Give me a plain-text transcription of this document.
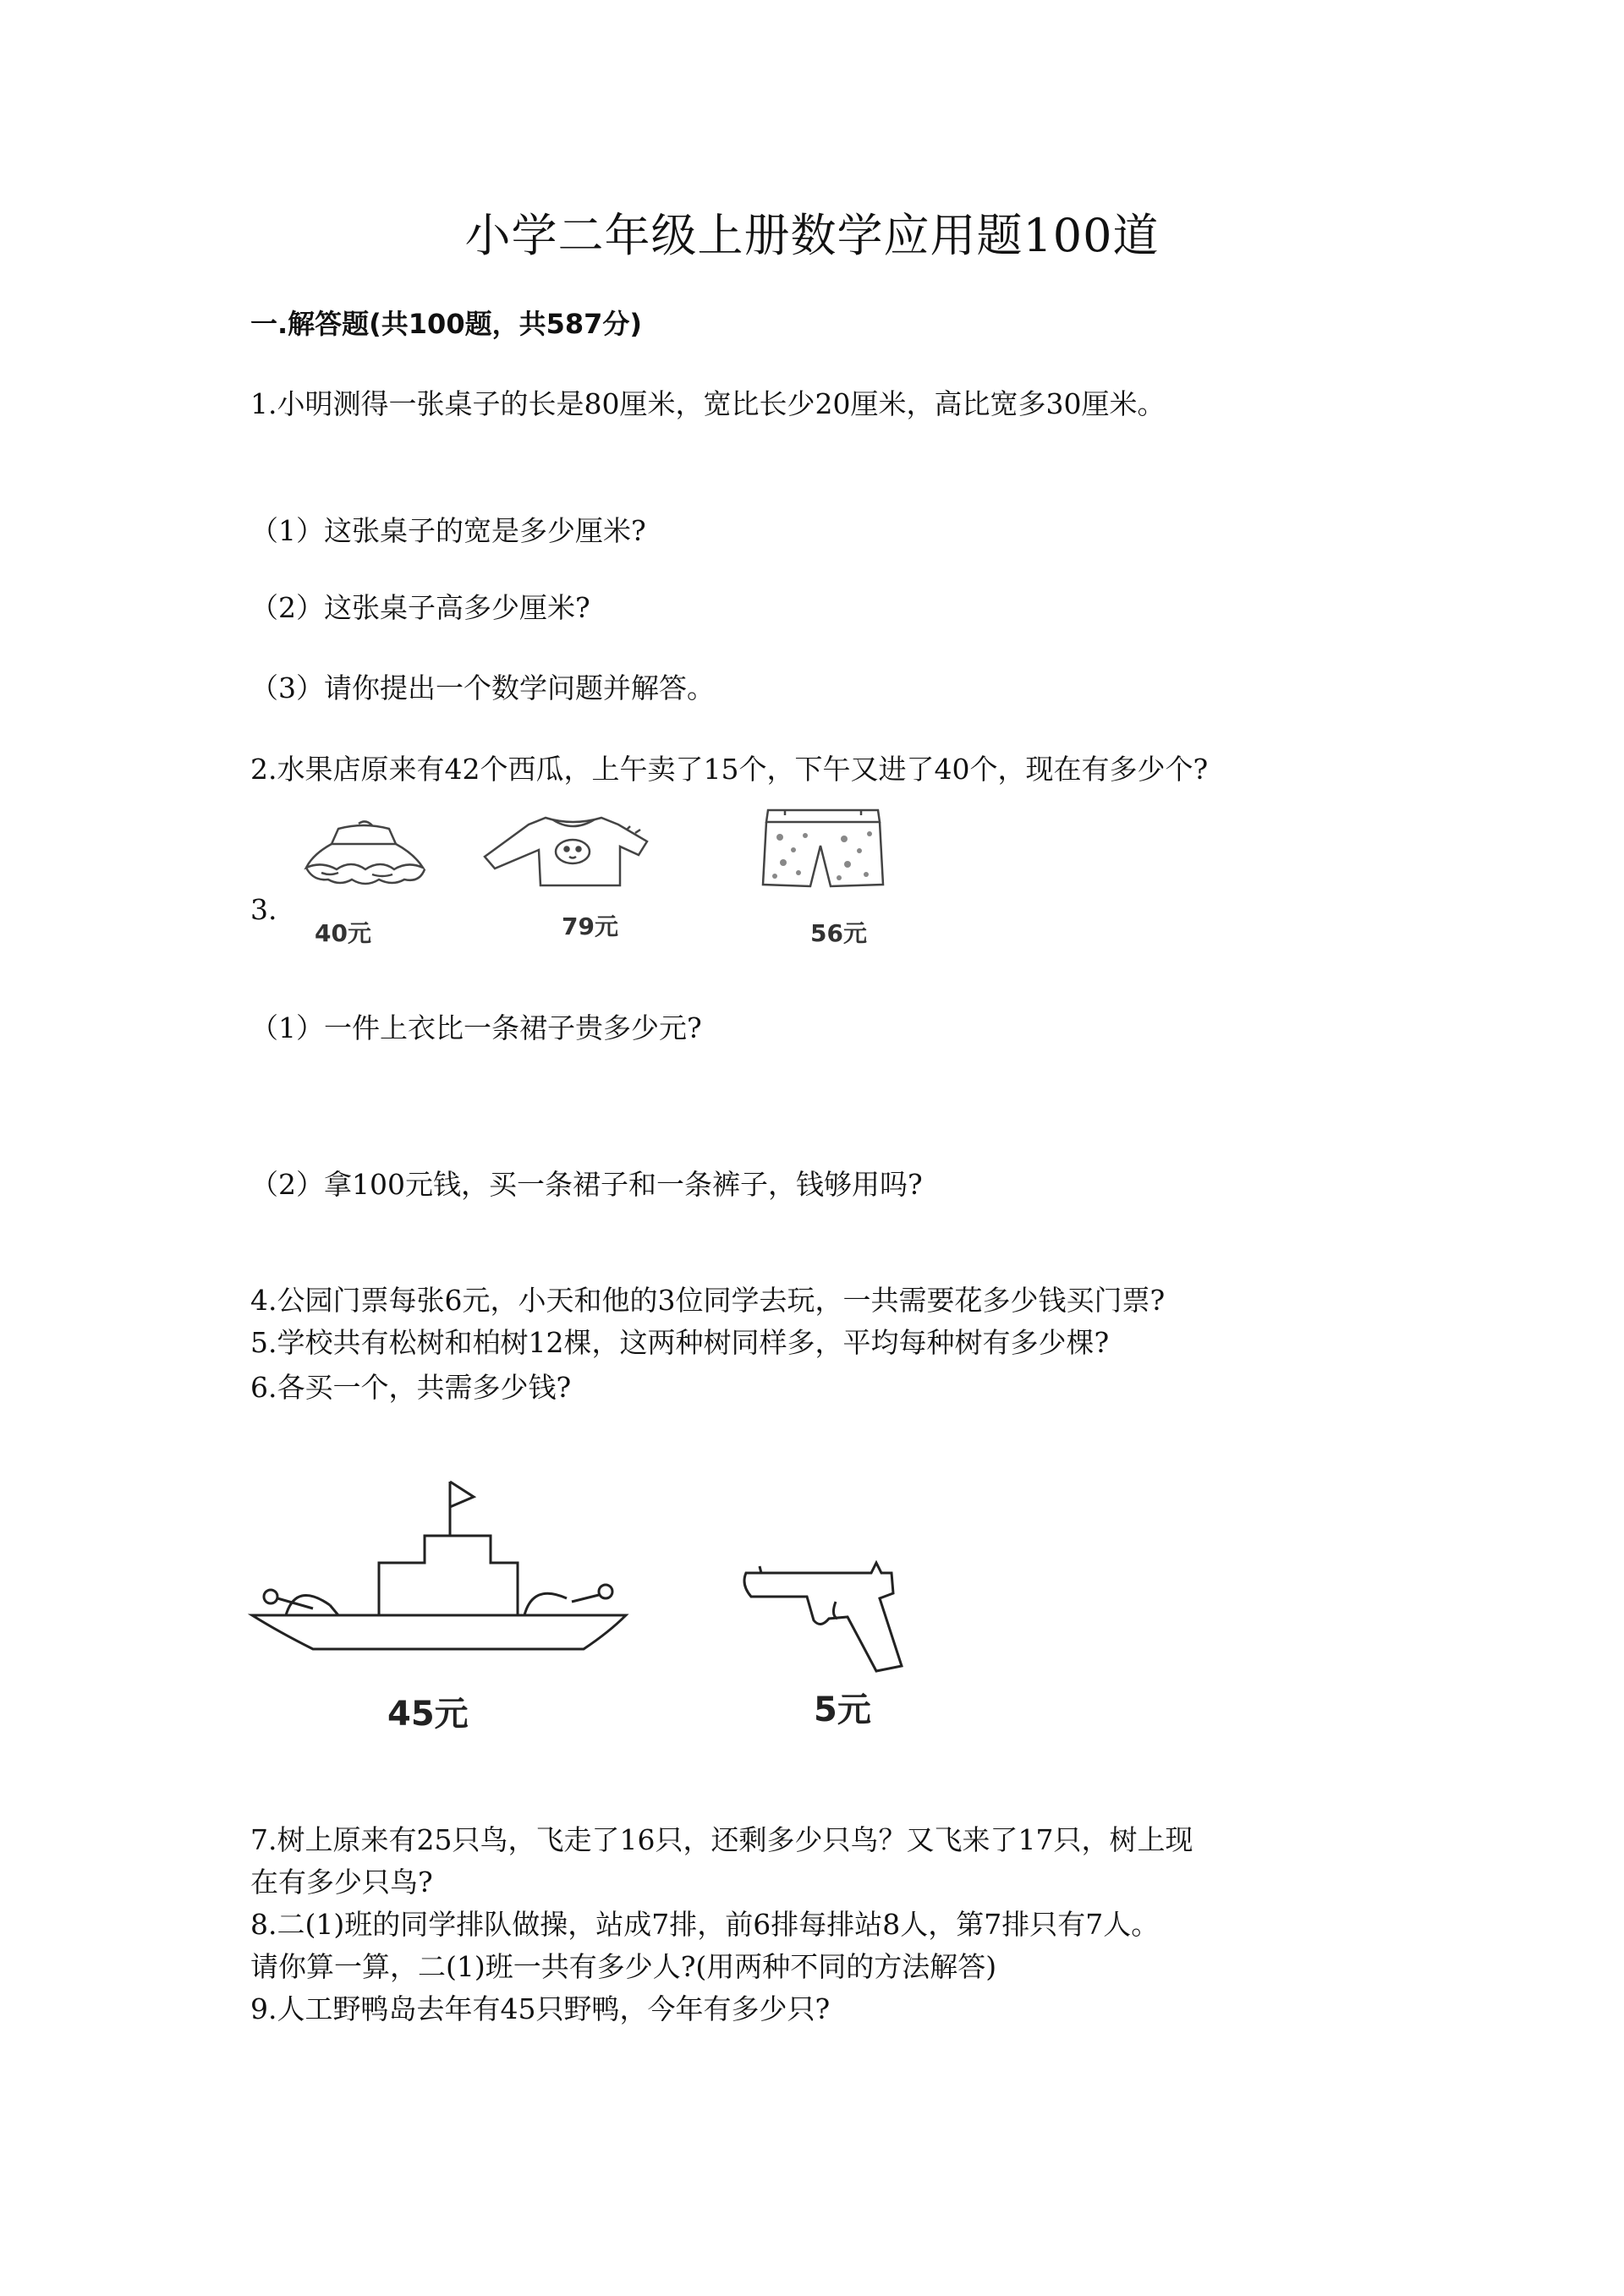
小学二年级上册数学应用题100道
一.解答题(共100题，共587分)
1.小明测得一张桌子的长是80厘米，宽比长少20厘米，高比宽多30厘米。
（1）这张桌子的宽是多少厘米?
（2）这张桌子高多少厘米?
（3）请你提出一个数学问题并解答。
2.水果店原来有42个西瓜，上午卖了15个，下午又进了40个，现在有多少个?
3.
40元	79元	56元
（1）一件上衣比一条裙子贵多少元?
（2）拿100元钱，买一条裙子和一条裤子，钱够用吗?
4.公园门票每张6元，小天和他的3位同学去玩，一共需要花多少钱买门票?
5.学校共有松树和柏树12棵，这两种树同样多，平均每种树有多少棵?
6.各买一个，共需多少钱?
45元	5元
7.树上原来有25只鸟，飞走了16只，还剩多少只鸟？又飞来了17只，树上现
在有多少只鸟?
8.二(1)班的同学排队做操，站成7排，前6排每排站8人，第7排只有7人。
请你算一算，二(1)班一共有多少人?(用两种不同的方法解答)
9.人工野鸭岛去年有45只野鸭，今年有多少只?
